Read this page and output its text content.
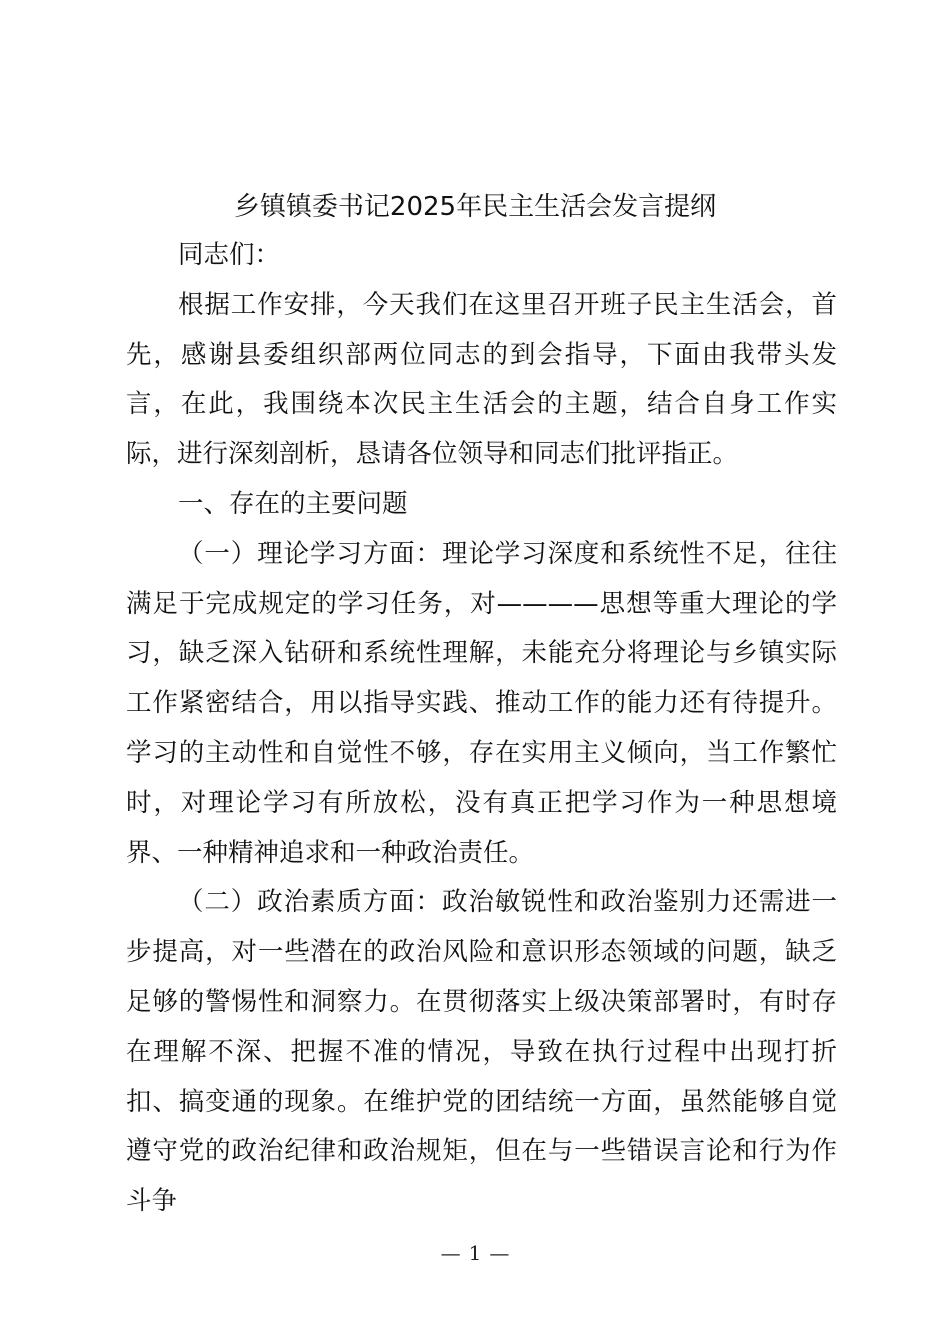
乡镇镇委书记2025年民主生活会发言提纲

同志们：

根据工作安排，今天我们在这里召开班子民主生活会，首先，感谢县委组织部两位同志的到会指导，下面由我带头发言，在此，我围绕本次民主生活会的主题，结合自身工作实际，进行深刻剖析，恳请各位领导和同志们批评指正。

一、存在的主要问题

（一）理论学习方面：理论学习深度和系统性不足，往往满足于完成规定的学习任务，对————思想等重大理论的学习，缺乏深入钻研和系统性理解，未能充分将理论与乡镇实际工作紧密结合，用以指导实践、推动工作的能力还有待提升。学习的主动性和自觉性不够，存在实用主义倾向，当工作繁忙时，对理论学习有所放松，没有真正把学习作为一种思想境界、一种精神追求和一种政治责任。

（二）政治素质方面：政治敏锐性和政治鉴别力还需进一步提高，对一些潜在的政治风险和意识形态领域的问题，缺乏足够的警惕性和洞察力。在贯彻落实上级决策部署时，有时存在理解不深、把握不准的情况，导致在执行过程中出现打折扣、搞变通的现象。在维护党的团结统一方面，虽然能够自觉遵守党的政治纪律和政治规矩，但在与一些错误言论和行为作斗争

— 1 —
